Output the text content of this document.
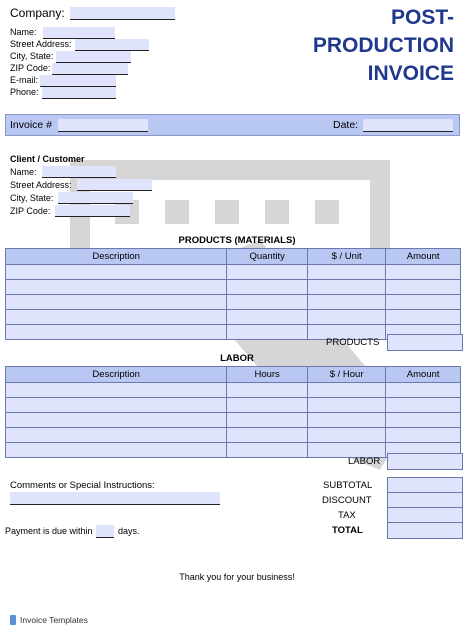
Company:
Name:
Street Address:
City, State:
ZIP Code:
E-mail:
Phone:
POST-
PRODUCTION
INVOICE
Invoice #	Date:
Client / Customer
Name:
Street Address:
City, State:
ZIP Code:
PRODUCTS (MATERIALS)
Description	Quantity	$ / Unit	Amount

PRODUCTS
LABOR
Description	Hours	$ / Hour	Amount

LABOR
Comments or Special Instructions:	SUBTOTAL
DISCOUNT
TAX
TOTAL
Payment is due within	days.
Thank you for your business!
Invoice Templates
